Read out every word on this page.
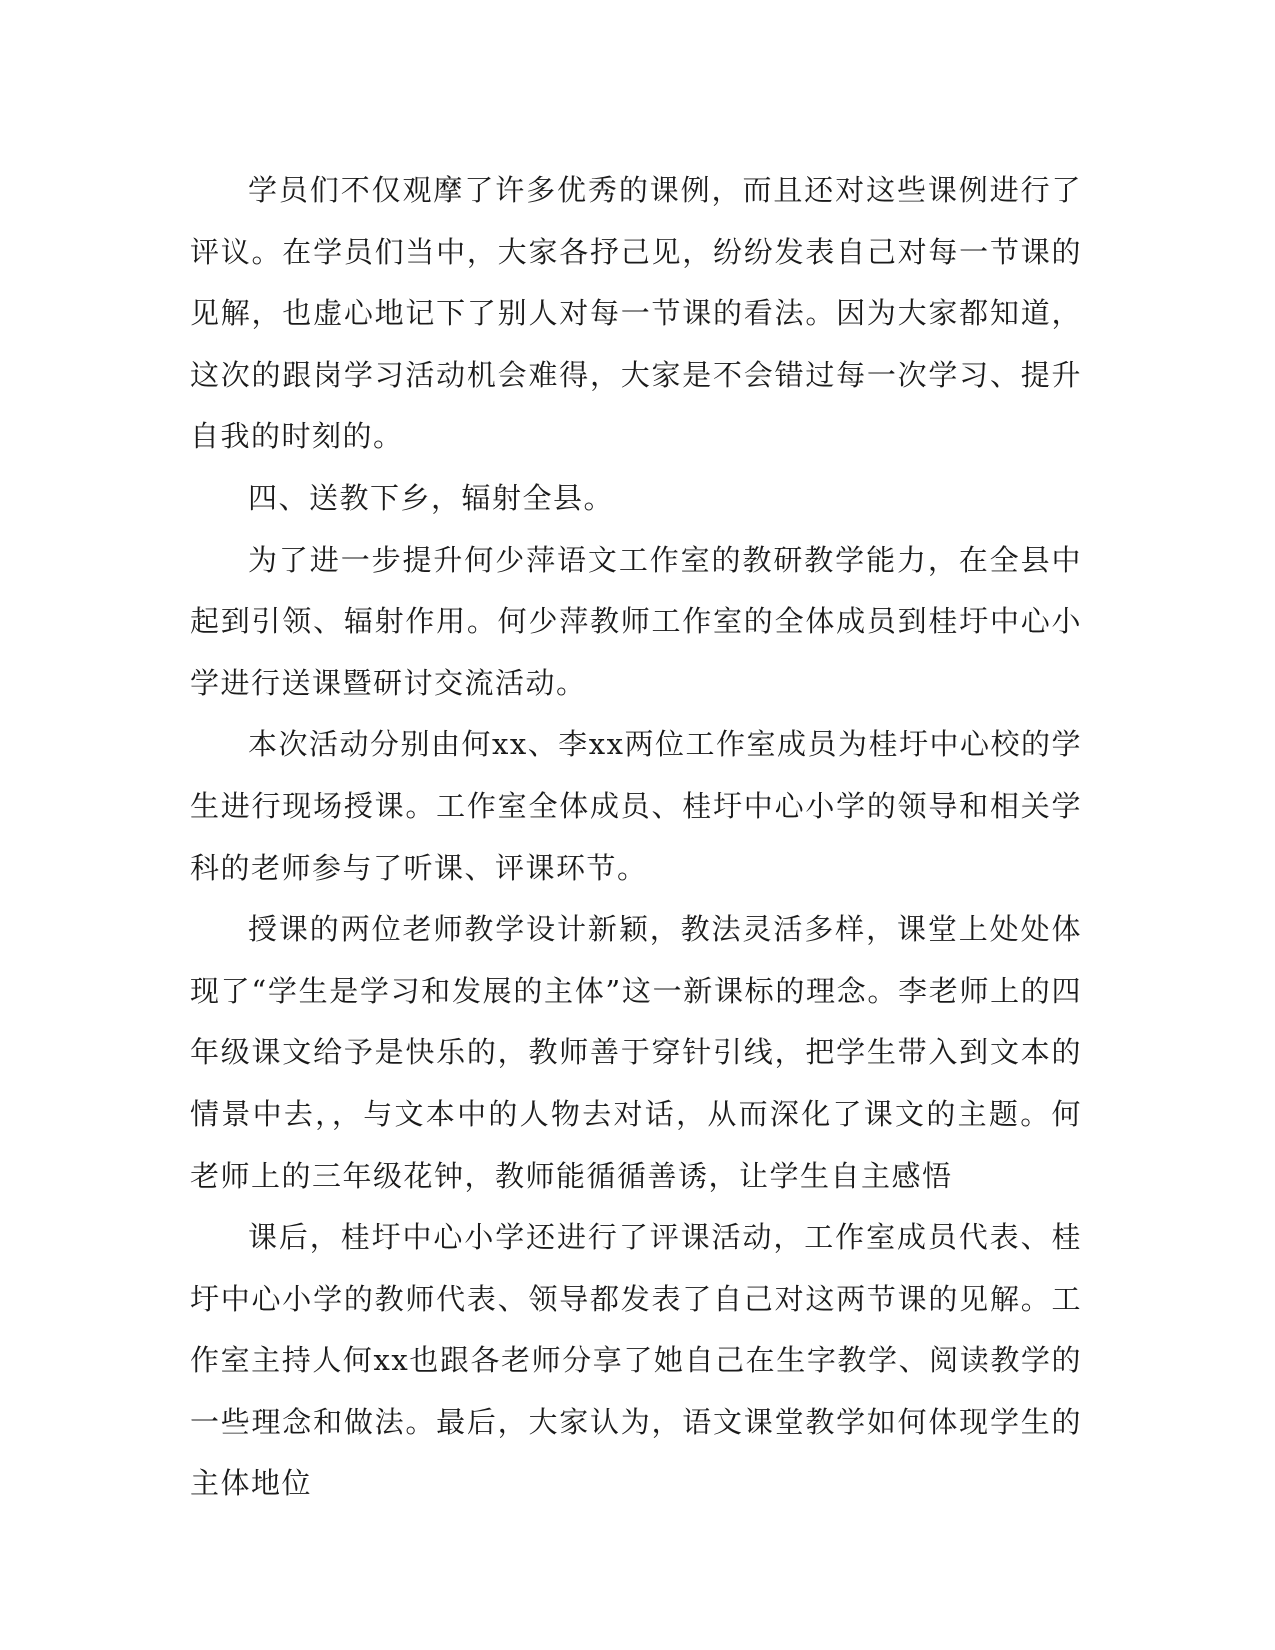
学员们不仅观摩了许多优秀的课例，而且还对这些课例进行了评议。在学员们当中，大家各抒己见，纷纷发表自己对每一节课的见解，也虚心地记下了别人对每一节课的看法。因为大家都知道，这次的跟岗学习活动机会难得，大家是不会错过每一次学习、提升自我的时刻的。

四、送教下乡，辐射全县。

为了进一步提升何少萍语文工作室的教研教学能力，在全县中起到引领、辐射作用。何少萍教师工作室的全体成员到桂圩中心小学进行送课暨研讨交流活动。

本次活动分别由何xx、李xx两位工作室成员为桂圩中心校的学生进行现场授课。工作室全体成员、桂圩中心小学的领导和相关学科的老师参与了听课、评课环节。

授课的两位老师教学设计新颖，教法灵活多样，课堂上处处体现了“学生是学习和发展的主体”这一新课标的理念。李老师上的四年级课文给予是快乐的，教师善于穿针引线，把学生带入到文本的情景中去，，与文本中的人物去对话，从而深化了课文的主题。何老师上的三年级花钟，教师能循循善诱，让学生自主感悟

课后，桂圩中心小学还进行了评课活动，工作室成员代表、桂圩中心小学的教师代表、领导都发表了自己对这两节课的见解。工作室主持人何xx也跟各老师分享了她自己在生字教学、阅读教学的一些理念和做法。最后，大家认为，语文课堂教学如何体现学生的主体地位
